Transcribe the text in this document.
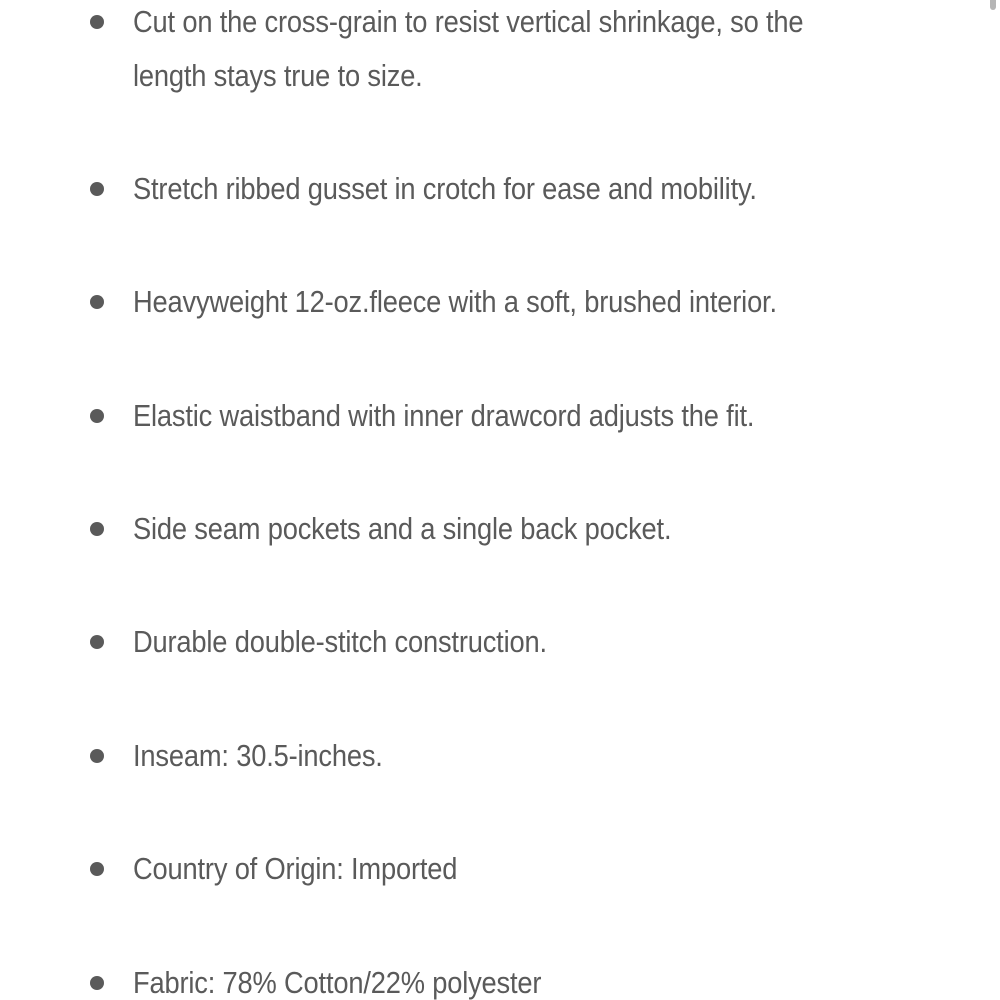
Cut on the cross-grain to resist vertical shrinkage, so the length stays true to size.
Stretch ribbed gusset in crotch for ease and mobility.
Heavyweight 12-oz.fleece with a soft, brushed interior.
Elastic waistband with inner drawcord adjusts the fit.
Side seam pockets and a single back pocket.
Durable double-stitch construction.
Inseam: 30.5-inches.
Country of Origin: Imported
Fabric: 78% Cotton/22% polyester
